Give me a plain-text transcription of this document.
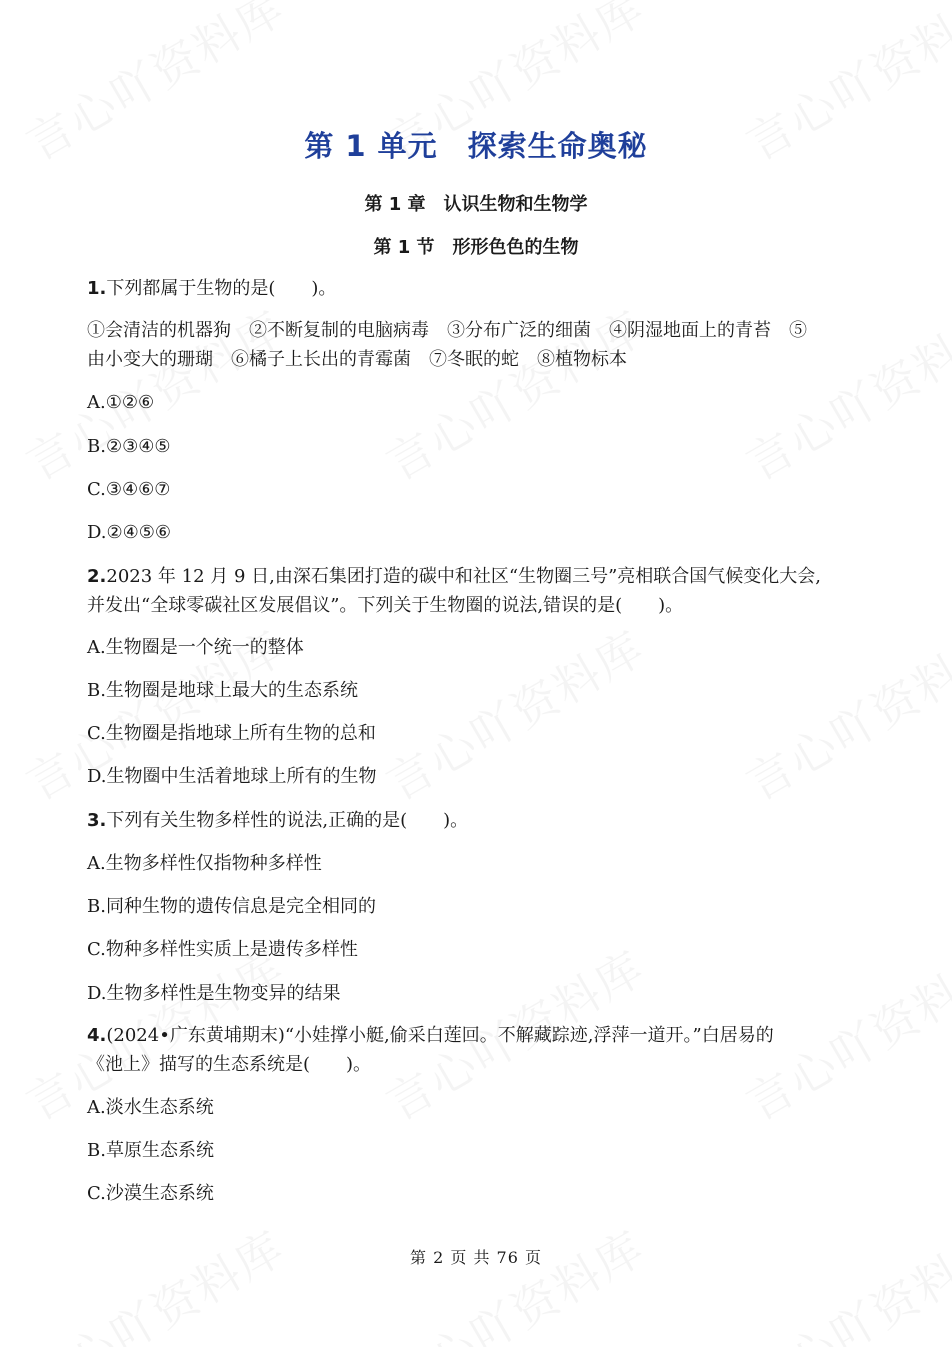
第 1 单元　探索生命奥秘
第 1 章　认识生物和生物学
第 1 节　形形色色的生物
1.下列都属于生物的是(　　)。
①会清洁的机器狗　②不断复制的电脑病毒　③分布广泛的细菌　④阴湿地面上的青苔　⑤
由小变大的珊瑚　⑥橘子上长出的青霉菌　⑦冬眠的蛇　⑧植物标本
A.①②⑥
B.②③④⑤
C.③④⑥⑦
D.②④⑤⑥
2.2023 年 12 月 9 日,由深石集团打造的碳中和社区“生物圈三号”亮相联合国气候变化大会,
并发出“全球零碳社区发展倡议”。下列关于生物圈的说法,错误的是(　　)。
A.生物圈是一个统一的整体
B.生物圈是地球上最大的生态系统
C.生物圈是指地球上所有生物的总和
D.生物圈中生活着地球上所有的生物
3.下列有关生物多样性的说法,正确的是(　　)。
A.生物多样性仅指物种多样性
B.同种生物的遗传信息是完全相同的
C.物种多样性实质上是遗传多样性
D.生物多样性是生物变异的结果
4.(2024•广东黄埔期末)“小娃撑小艇,偷采白莲回。不解藏踪迹,浮萍一道开。”白居易的
《池上》描写的生态系统是(　　)。
A.淡水生态系统
B.草原生态系统
C.沙漠生态系统
第 2 页 共 76 页
